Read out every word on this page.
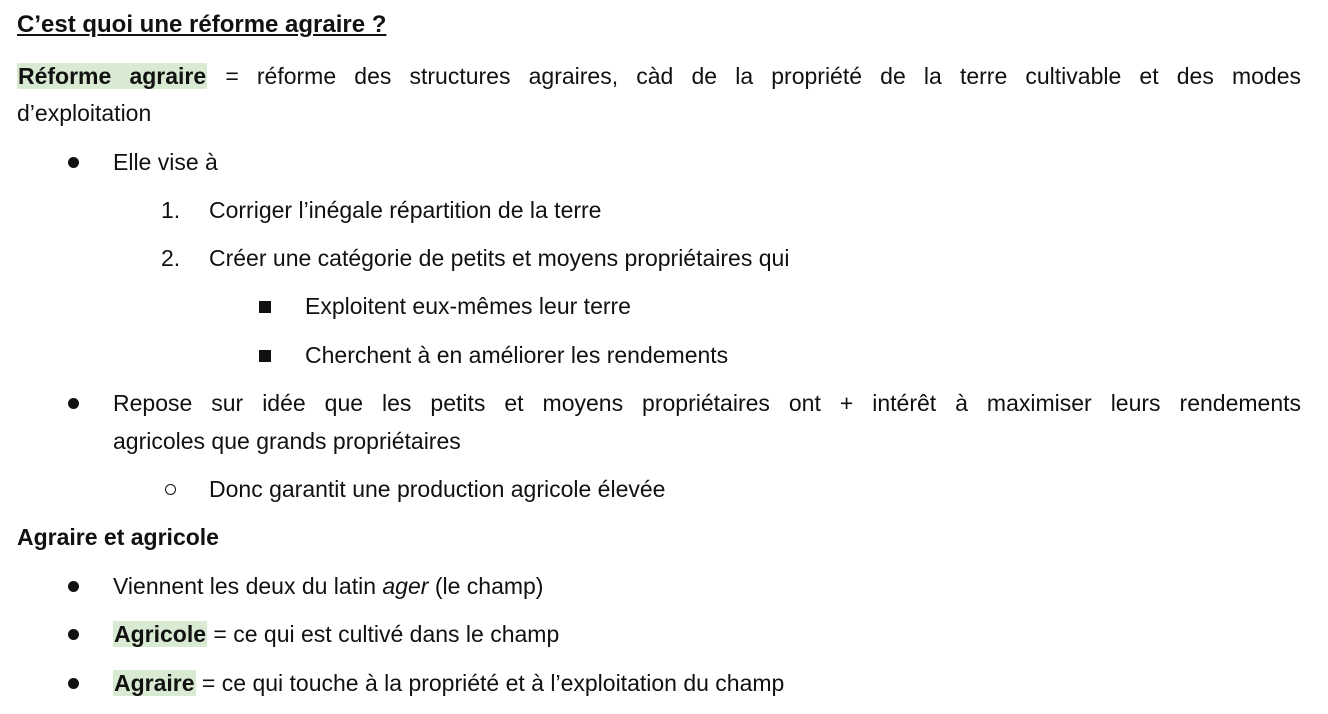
C’est quoi une réforme agraire ?
Réforme agraire = réforme des structures agraires, càd de la propriété de la terre cultivable et des modes
d’exploitation
Elle vise à
1. Corriger l’inégale répartition de la terre
2. Créer une catégorie de petits et moyens propriétaires qui
Exploitent eux-mêmes leur terre
Cherchent à en améliorer les rendements
Repose sur idée que les petits et moyens propriétaires ont + intérêt à maximiser leurs rendements
agricoles que grands propriétaires
Donc garantit une production agricole élevée
Agraire et agricole
Viennent les deux du latin ager (le champ)
Agricole = ce qui est cultivé dans le champ
Agraire = ce qui touche à la propriété et à l’exploitation du champ
